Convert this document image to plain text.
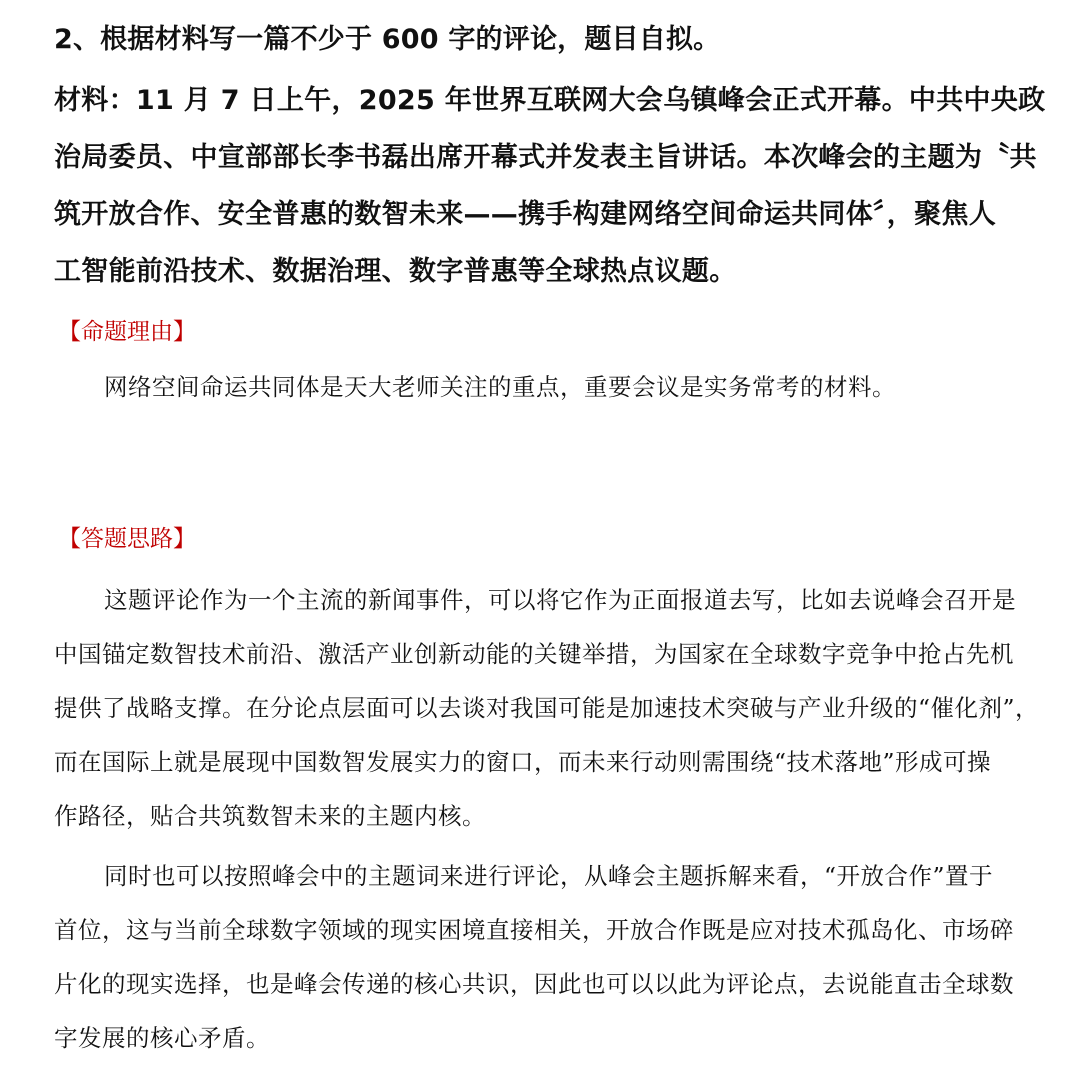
2、根据材料写一篇不少于 600 字的评论，题目自拟。

材料：11 月 7 日上午，2025 年世界互联网大会乌镇峰会正式开幕。中共中央政
治局委员、中宣部部长李书磊出席开幕式并发表主旨讲话。本次峰会的主题为〝共
筑开放合作、安全普惠的数智未来——携手构建网络空间命运共同体〞，聚焦人
工智能前沿技术、数据治理、数字普惠等全球热点议题。

【命题理由】

网络空间命运共同体是天大老师关注的重点，重要会议是实务常考的材料。

【答题思路】

这题评论作为一个主流的新闻事件，可以将它作为正面报道去写，比如去说峰会召开是
中国锚定数智技术前沿、激活产业创新动能的关键举措，为国家在全球数字竞争中抢占先机
提供了战略支撑。在分论点层面可以去谈对我国可能是加速技术突破与产业升级的“催化剂”，
而在国际上就是展现中国数智发展实力的窗口，而未来行动则需围绕“技术落地”形成可操
作路径，贴合共筑数智未来的主题内核。

同时也可以按照峰会中的主题词来进行评论，从峰会主题拆解来看，“开放合作”置于
首位，这与当前全球数字领域的现实困境直接相关，开放合作既是应对技术孤岛化、市场碎
片化的现实选择，也是峰会传递的核心共识，因此也可以以此为评论点，去说能直击全球数
字发展的核心矛盾。
